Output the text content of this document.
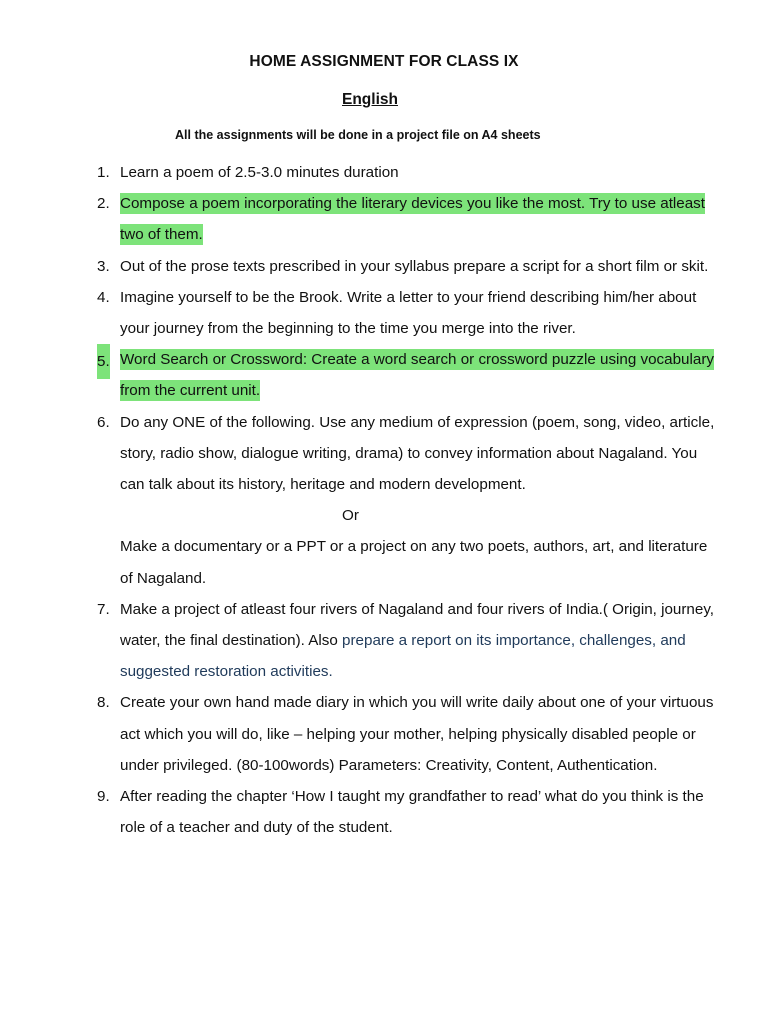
HOME ASSIGNMENT FOR CLASS IX
English
All the assignments will be done in a project file on A4 sheets
1. Learn a poem of 2.5-3.0 minutes duration
2. Compose a poem incorporating the literary devices you like the most. Try to use atleast two of them.
3. Out of the prose texts prescribed in your syllabus prepare a script for a short film or skit.
4. Imagine yourself to be the Brook. Write a letter to your friend describing him/her about your journey from the beginning to the time you merge into the river.
5. Word Search or Crossword: Create a word search or crossword puzzle using vocabulary from the current unit.
6. Do any ONE of the following. Use any medium of expression (poem, song, video, article, story, radio show, dialogue writing, drama) to convey information about Nagaland. You can talk about its history, heritage and modern development.
Or
Make a documentary or a PPT or a project on any two poets, authors, art, and literature of Nagaland.
7. Make a project of atleast four rivers of Nagaland and four rivers of India.( Origin, journey, water, the final destination). Also prepare a report on its importance, challenges, and suggested restoration activities.
8. Create your own hand made diary in which you will write daily about one of your virtuous act which you will do, like – helping your mother, helping physically disabled people or under privileged. (80-100words) Parameters: Creativity, Content, Authentication.
9. After reading the chapter ‘How I taught my grandfather to read’ what do you think is the role of a teacher and duty of the student.
